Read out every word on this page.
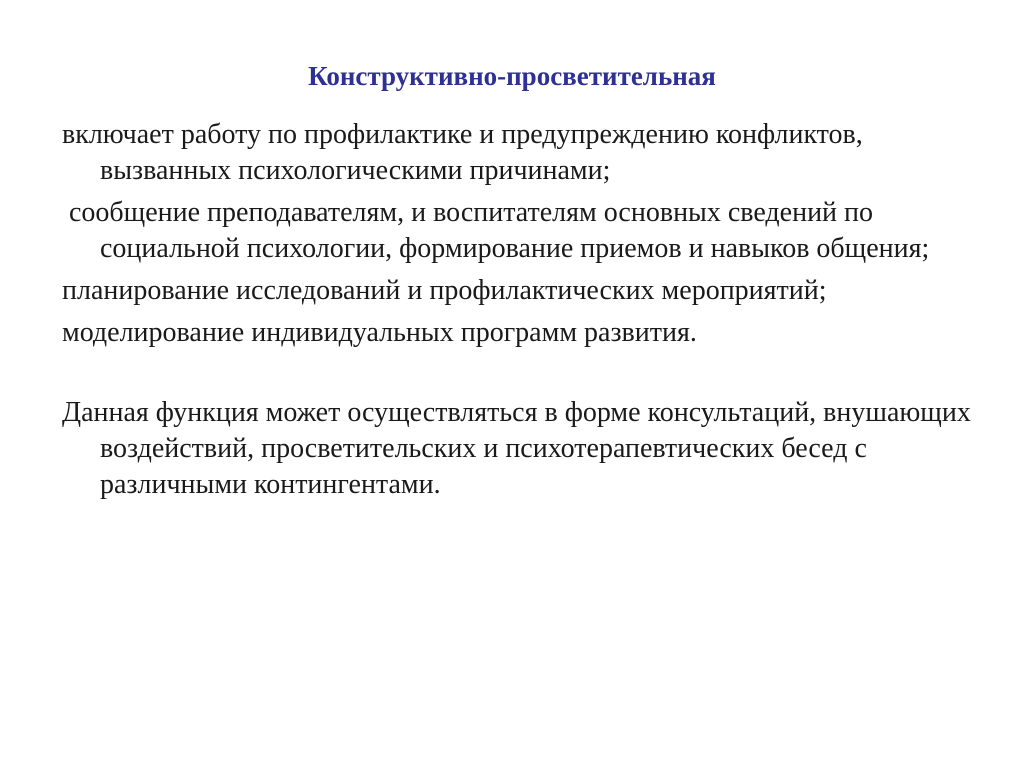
Конструктивно-просветительная
включает работу по профилактике и предупреждению конфликтов, вызванных психологическими причинами;
сообщение преподавателям, и воспитателям основных сведений по социальной психологии, формирование приемов и навыков общения;
планирование исследований и профилактических мероприятий;
моделирование индивидуальных программ развития.
Данная функция может осуществляться в форме консультаций, внушающих воздействий, просветительских и психотерапевтических бесед с различными контингентами.
